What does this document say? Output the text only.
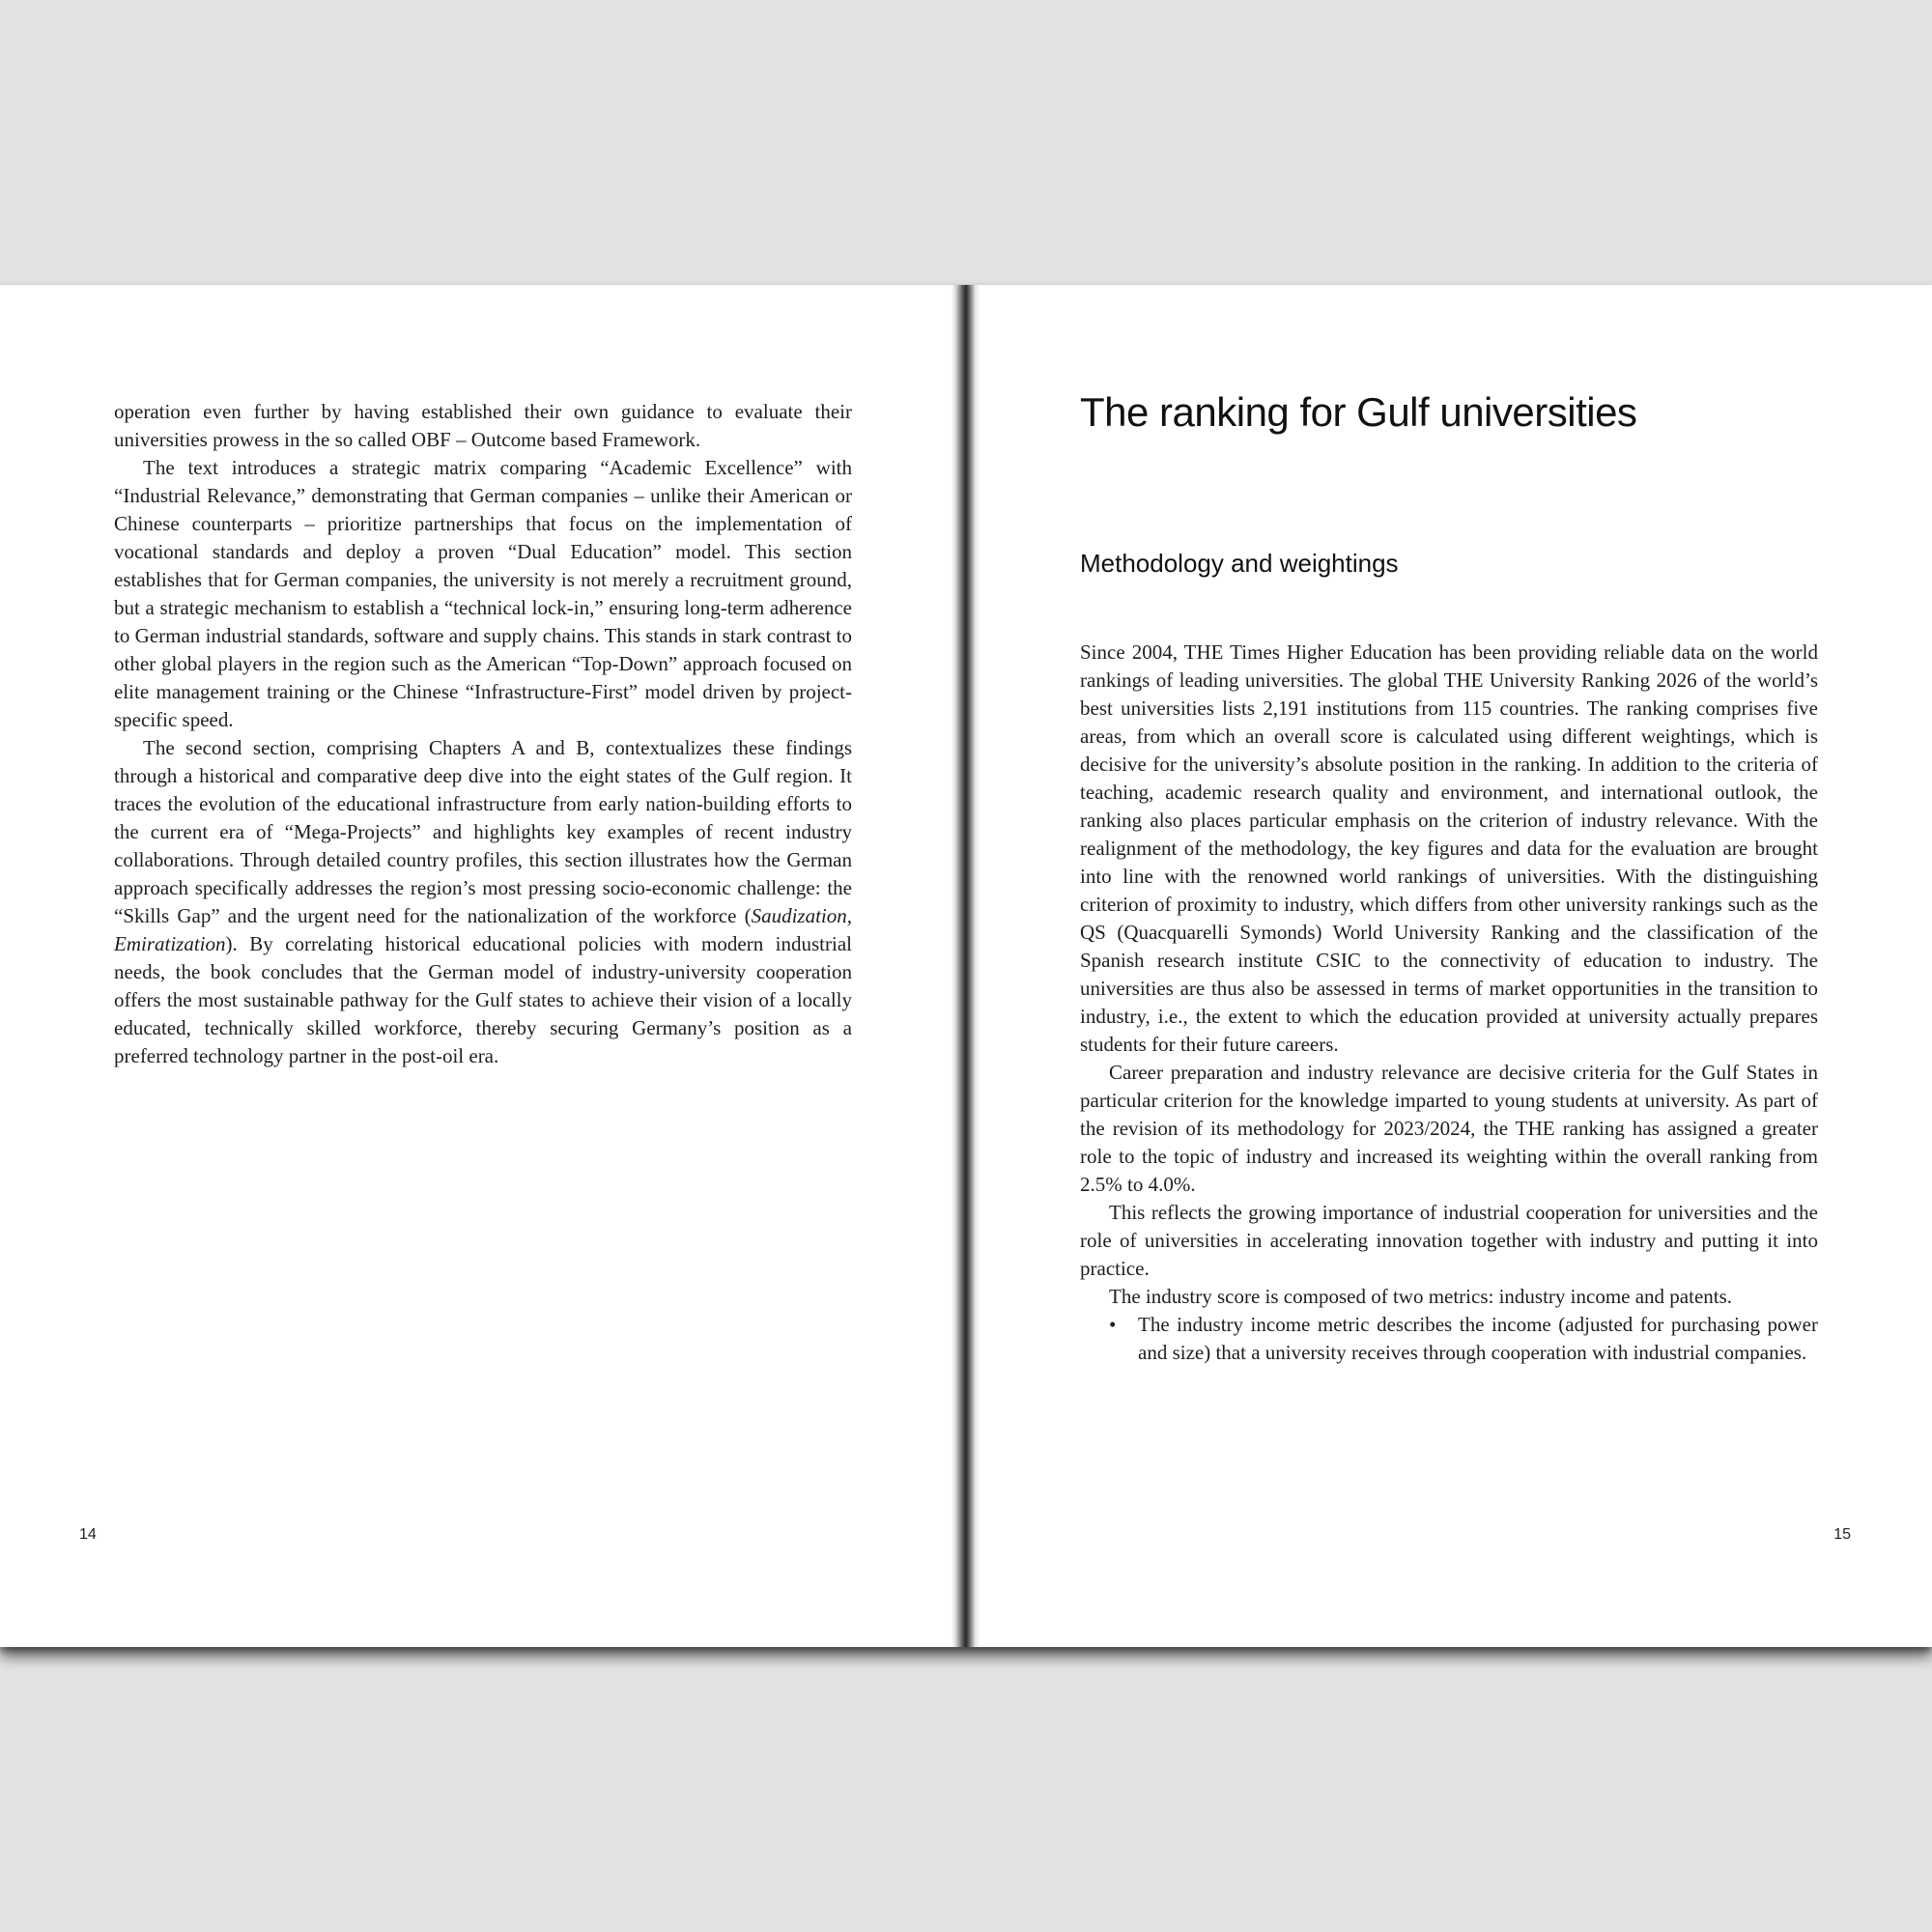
operation even further by having established their own guidance to evaluate their universities prowess in the so called OBF – Outcome based Framework.

The text introduces a strategic matrix comparing “Academic Excellence” with “Industrial Relevance,” demonstrating that German companies – unlike their American or Chinese counterparts – prioritize partnerships that focus on the implementation of vocational standards and deploy a proven “Dual Education” model. This section establishes that for German companies, the university is not merely a recruitment ground, but a strategic mechanism to establish a “technical lock-in,” ensuring long-term adherence to German industrial standards, software and supply chains. This stands in stark contrast to other global players in the region such as the American “Top-Down” approach focused on elite management training or the Chinese “Infrastructure-First” model driven by project-specific speed.

The second section, comprising Chapters A and B, contextualizes these findings through a historical and comparative deep dive into the eight states of the Gulf region. It traces the evolution of the educational infrastructure from early nation-building efforts to the current era of “Mega-Projects” and highlights key examples of recent industry collaborations. Through detailed country profiles, this section illustrates how the German approach specifically addresses the region’s most pressing socio-economic challenge: the “Skills Gap” and the urgent need for the nationalization of the workforce (Saudization, Emiratization). By correlating historical educational policies with modern industrial needs, the book concludes that the German model of industry-university cooperation offers the most sustainable pathway for the Gulf states to achieve their vision of a locally educated, technically skilled workforce, thereby securing Germany’s position as a preferred technology partner in the post-oil era.

14
The ranking for Gulf universities
Methodology and weightings

Since 2004, THE Times Higher Education has been providing reliable data on the world rankings of leading universities. The global THE University Ranking 2026 of the world’s best universities lists 2,191 institutions from 115 countries. The ranking comprises five areas, from which an overall score is calculated using different weightings, which is decisive for the university’s absolute position in the ranking. In addition to the criteria of teaching, academic research quality and environment, and international outlook, the ranking also places particular emphasis on the criterion of industry relevance. With the realignment of the methodology, the key figures and data for the evaluation are brought into line with the renowned world rankings of universities. With the distinguishing criterion of proximity to industry, which differs from other university rankings such as the QS (Quacquarelli Symonds) World University Ranking and the classification of the Spanish research institute CSIC to the connectivity of education to industry. The universities are thus also be assessed in terms of market opportunities in the transition to industry, i.e., the extent to which the education provided at university actually prepares students for their future careers.

Career preparation and industry relevance are decisive criteria for the Gulf States in particular criterion for the knowledge imparted to young students at university. As part of the revision of its methodology for 2023/2024, the THE ranking has assigned a greater role to the topic of industry and increased its weighting within the overall ranking from 2.5% to 4.0%.

This reflects the growing importance of industrial cooperation for universities and the role of universities in accelerating innovation together with industry and putting it into practice.

The industry score is composed of two metrics: industry income and patents.

• The industry income metric describes the income (adjusted for purchasing power and size) that a university receives through cooperation with industrial companies.
15
